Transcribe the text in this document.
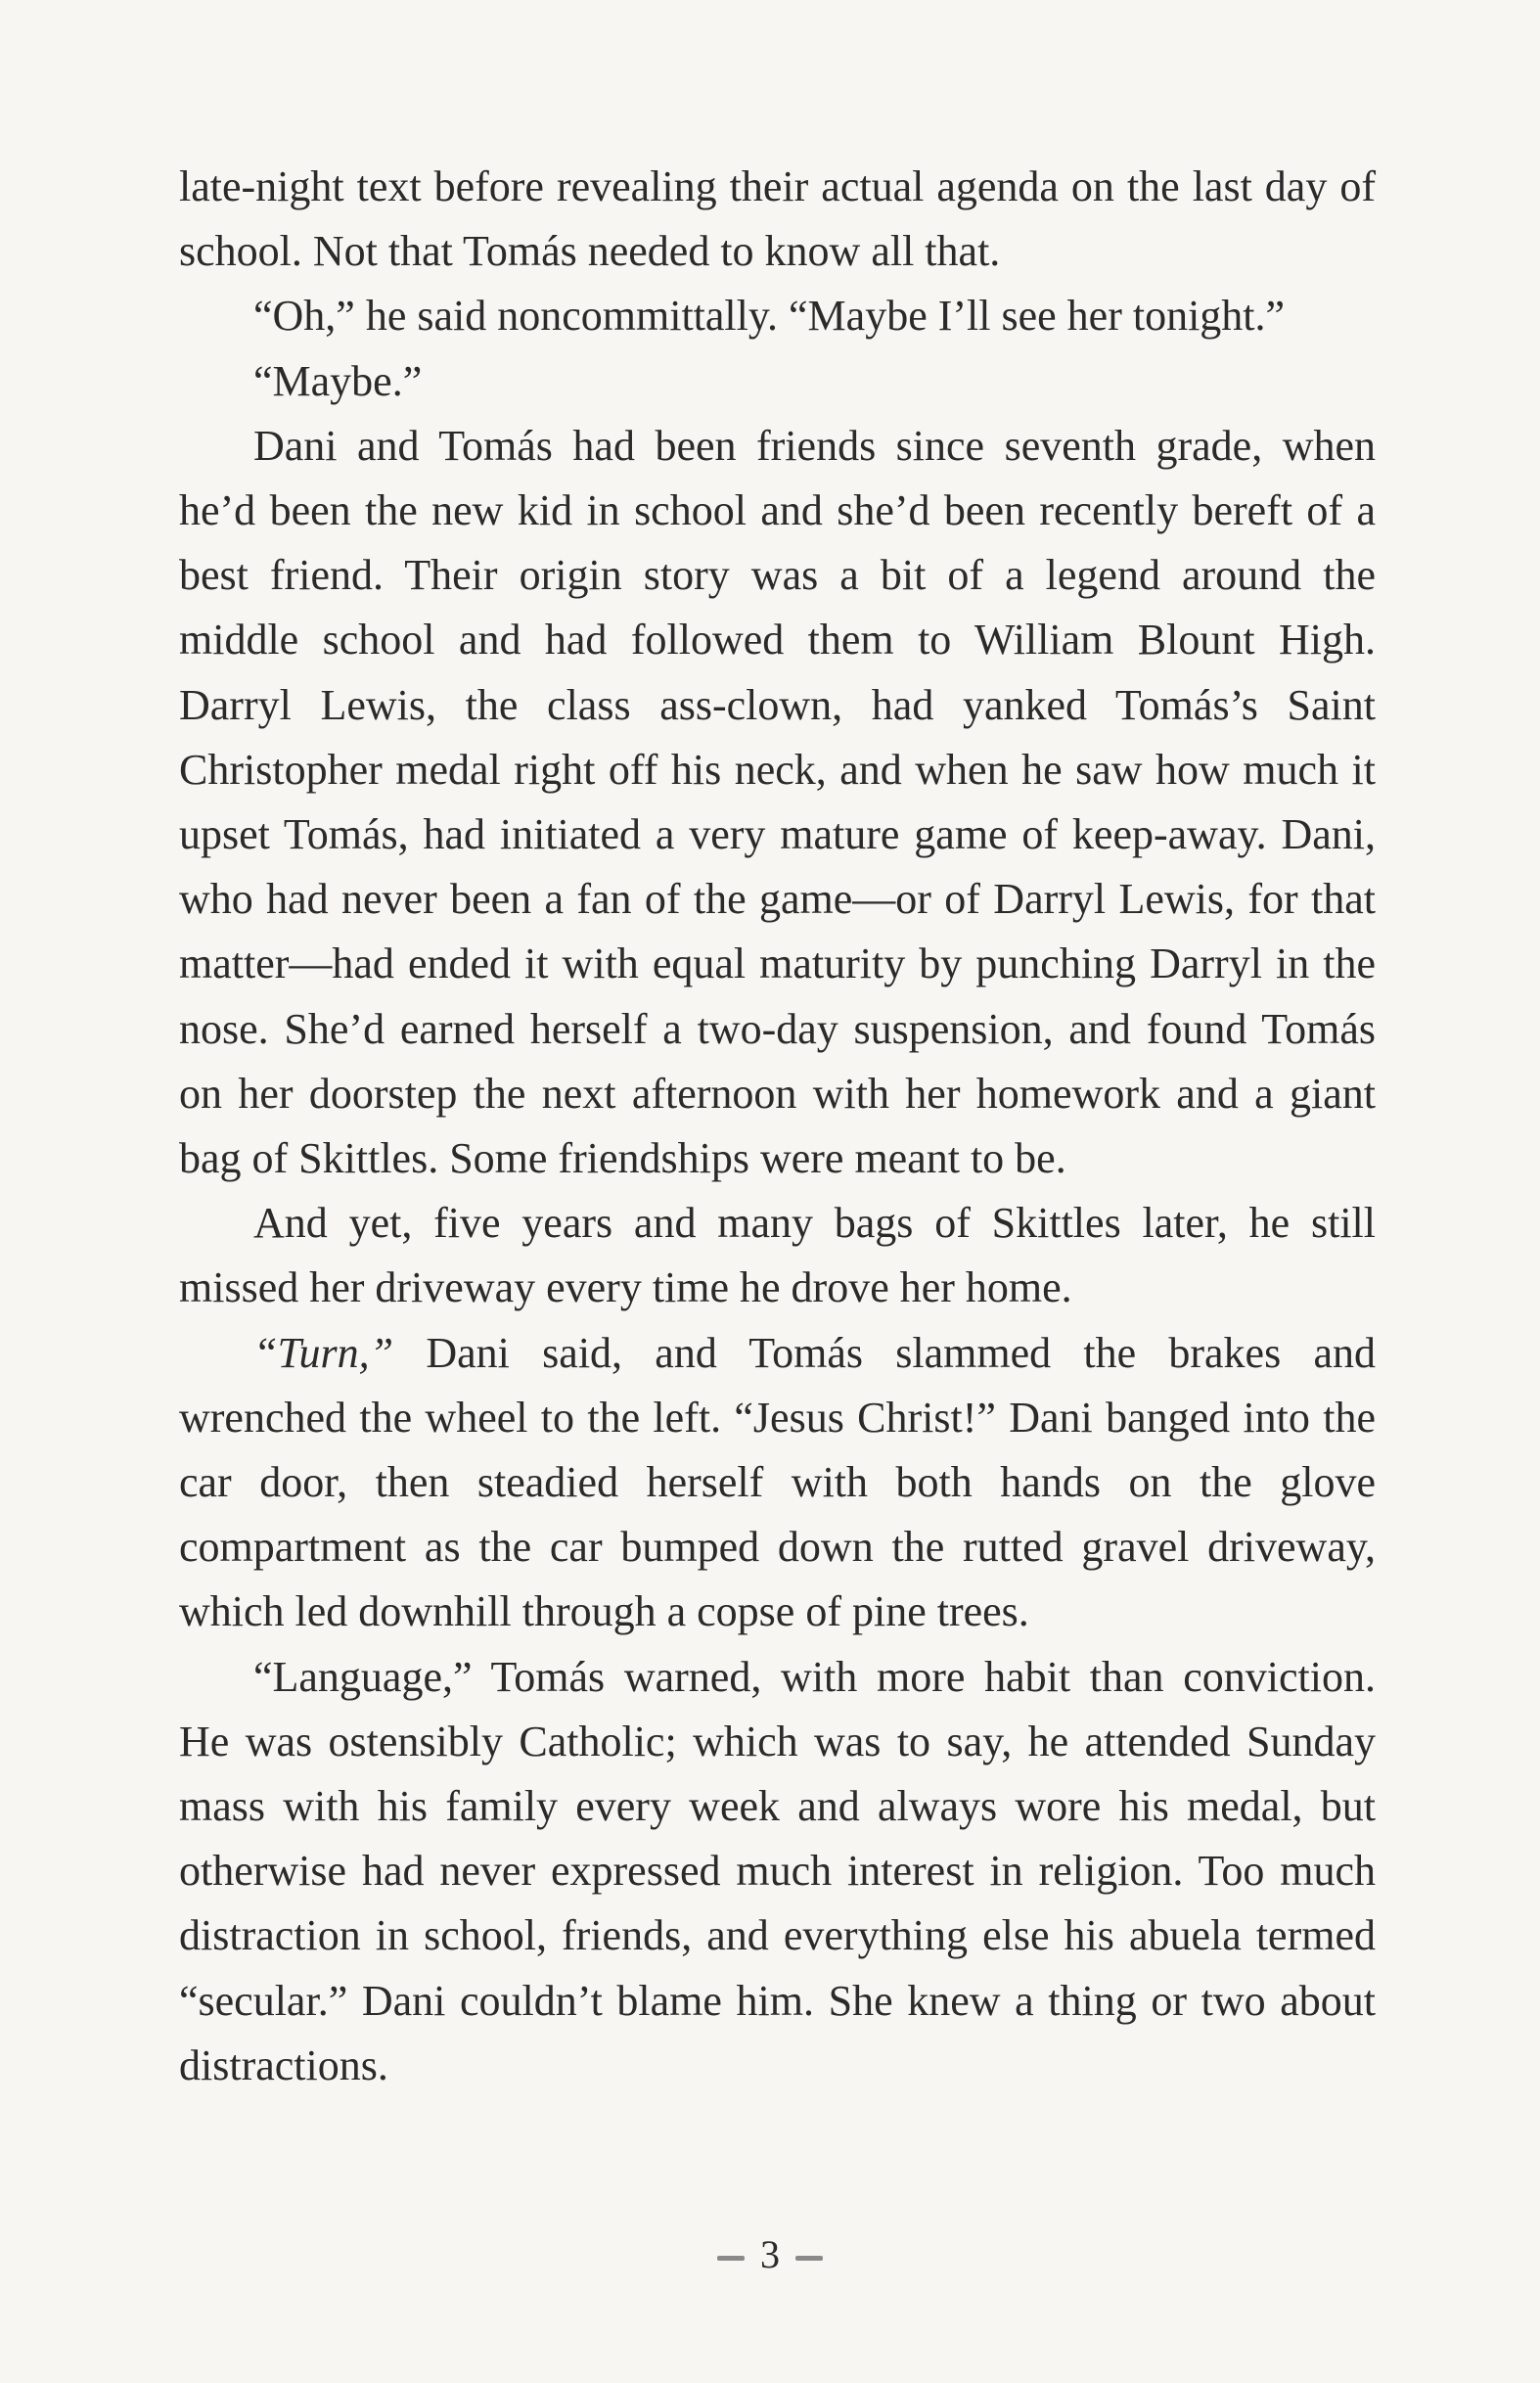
late-night text before revealing their actual agenda on the last day of school. Not that Tomás needed to know all that.

“Oh,” he said noncommittally. “Maybe I’ll see her tonight.”

“Maybe.”

Dani and Tomás had been friends since seventh grade, when he’d been the new kid in school and she’d been recently bereft of a best friend. Their origin story was a bit of a legend around the middle school and had followed them to William Blount High. Darryl Lewis, the class ass-clown, had yanked Tomás’s Saint Christopher medal right off his neck, and when he saw how much it upset Tomás, had initiated a very mature game of keep-away. Dani, who had never been a fan of the game—or of Darryl Lewis, for that matter—had ended it with equal maturity by punching Darryl in the nose. She’d earned herself a two-day suspension, and found Tomás on her doorstep the next afternoon with her homework and a giant bag of Skittles. Some friendships were meant to be.

And yet, five years and many bags of Skittles later, he still missed her driveway every time he drove her home.

“Turn,” Dani said, and Tomás slammed the brakes and wrenched the wheel to the left. “Jesus Christ!” Dani banged into the car door, then steadied herself with both hands on the glove compartment as the car bumped down the rutted gravel driveway, which led downhill through a copse of pine trees.

“Language,” Tomás warned, with more habit than conviction. He was ostensibly Catholic; which was to say, he attended Sunday mass with his family every week and always wore his medal, but otherwise had never expressed much interest in religion. Too much distraction in school, friends, and everything else his abuela termed “secular.” Dani couldn’t blame him. She knew a thing or two about distractions.

3
